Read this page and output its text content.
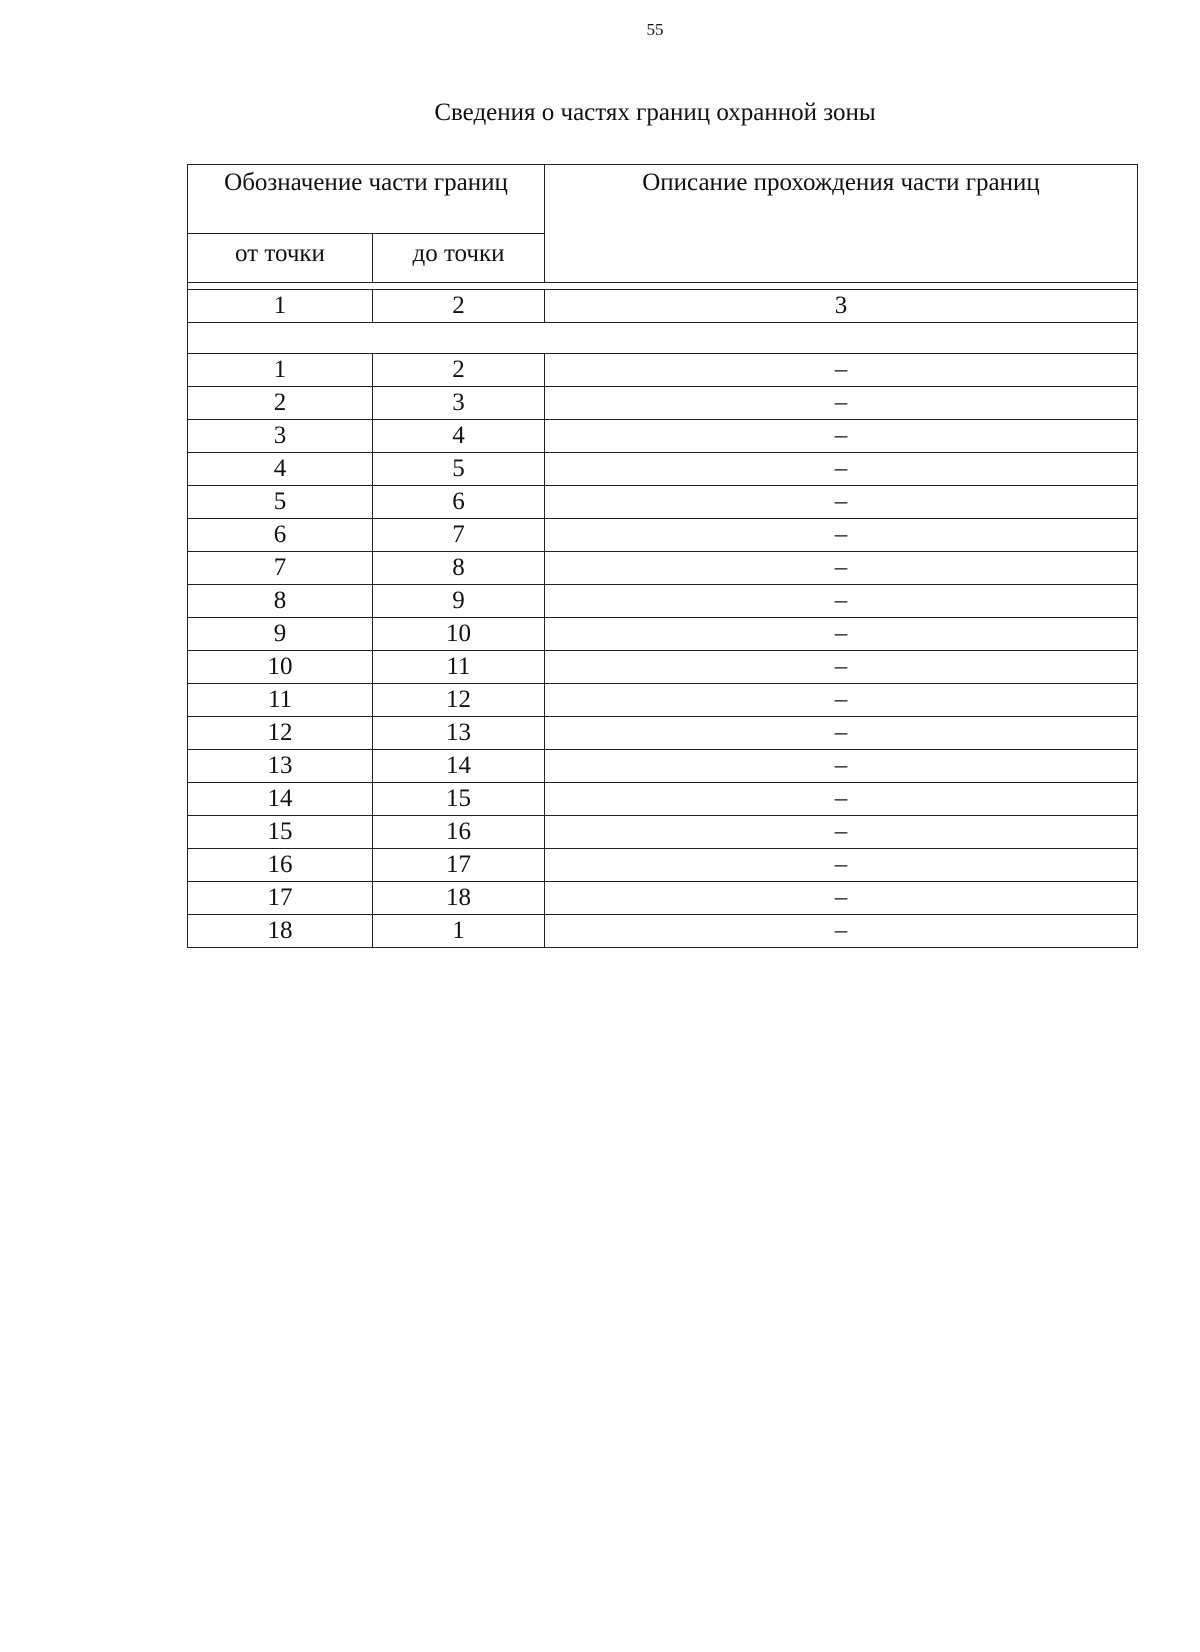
55
Сведения о частях границ охранной зоны
Обозначение части границ		Описание прохождения части границ
от точки	до точки	

1	2	3

1	2	–
2	3	–
3	4	–
4	5	–
5	6	–
6	7	–
7	8	–
8	9	–
9	10	–
10	11	–
11	12	–
12	13	–
13	14	–
14	15	–
15	16	–
16	17	–
17	18	–
18	1	–
